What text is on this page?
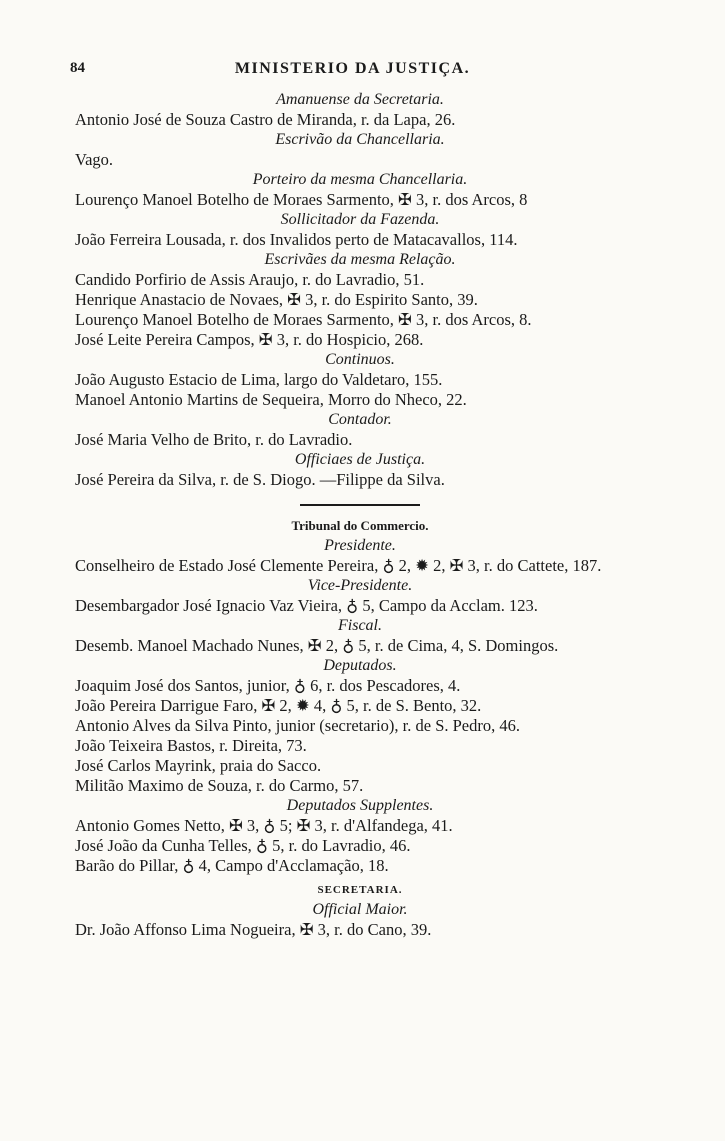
84	MINISTERIO DA JUSTIÇA.
Amanuense da Secretaria.
Antonio José de Souza Castro de Miranda, r. da Lapa, 26.
Escrivão da Chancellaria.
Vago.
Porteiro da mesma Chancellaria.
Lourenço Manoel Botelho de Moraes Sarmento, ✠ 3, r. dos Arcos, 8
Sollicitador da Fazenda.
João Ferreira Lousada, r. dos Invalidos perto de Matacavallos, 114.
Escrivães da mesma Relação.
Candido Porfirio de Assis Araujo, r. do Lavradio, 51.
Henrique Anastacio de Novaes, ✠ 3, r. do Espirito Santo, 39.
Lourenço Manoel Botelho de Moraes Sarmento, ✠ 3, r. dos Arcos, 8.
José Leite Pereira Campos, ✠ 3, r. do Hospicio, 268.
Continuos.
João Augusto Estacio de Lima, largo do Valdetaro, 155.
Manoel Antonio Martins de Sequeira, Morro do Nheco, 22.
Contador.
José Maria Velho de Brito, r. do Lavradio.
Officiaes de Justiça.
José Pereira da Silva, r. de S. Diogo. —Filippe da Silva.
Tribunal do Commercio.
Presidente.
Conselheiro de Estado José Clemente Pereira, ♁ 2, ✹ 2, ✠ 3, r. do Cattete, 187.
Vice-Presidente.
Desembargador José Ignacio Vaz Vieira, ♁ 5, Campo da Acclam. 123.
Fiscal.
Desemb. Manoel Machado Nunes, ✠ 2, ♁ 5, r. de Cima, 4, S. Domingos.
Deputados.
Joaquim José dos Santos, junior, ♁ 6, r. dos Pescadores, 4.
João Pereira Darrigue Faro, ✠ 2, ✹ 4, ♁ 5, r. de S. Bento, 32.
Antonio Alves da Silva Pinto, junior (secretario), r. de S. Pedro, 46.
João Teixeira Bastos, r. Direita, 73.
José Carlos Mayrink, praia do Sacco.
Militão Maximo de Souza, r. do Carmo, 57.
Deputados Supplentes.
Antonio Gomes Netto, ✠ 3, ♁ 5; ✠ 3, r. d'Alfandega, 41.
José João da Cunha Telles, ♁ 5, r. do Lavradio, 46.
Barão do Pillar, ♁ 4, Campo d'Acclamação, 18.
SECRETARIA.
Official Maior.
Dr. João Affonso Lima Nogueira, ✠ 3, r. do Cano, 39.
